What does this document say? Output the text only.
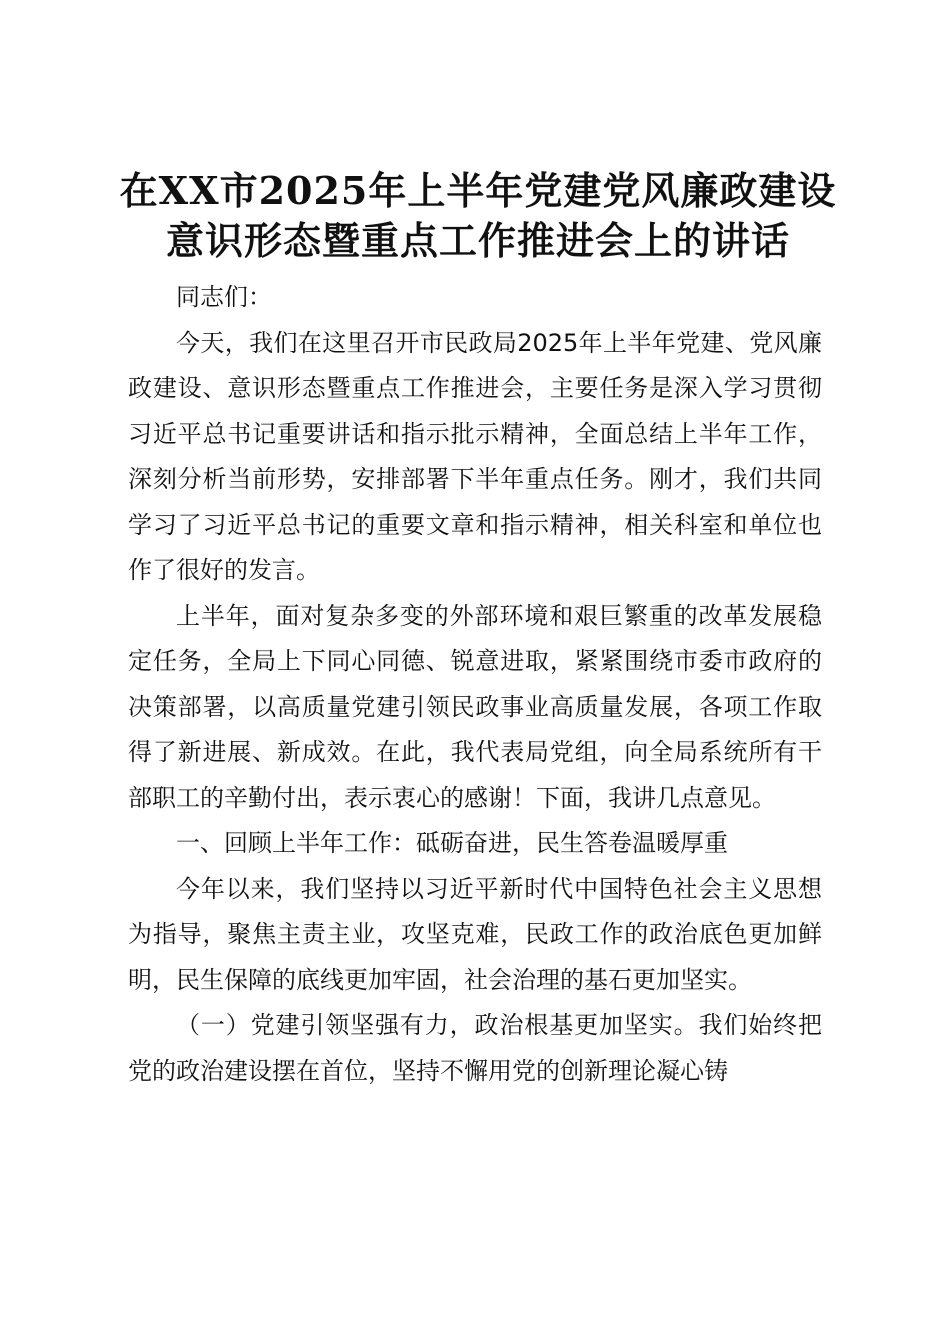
在XX市2025年上半年党建党风廉政建设意识形态暨重点工作推进会上的讲话

同志们：

今天，我们在这里召开市民政局2025年上半年党建、党风廉政建设、意识形态暨重点工作推进会，主要任务是深入学习贯彻习近平总书记重要讲话和指示批示精神，全面总结上半年工作，深刻分析当前形势，安排部署下半年重点任务。刚才，我们共同学习了习近平总书记的重要文章和指示精神，相关科室和单位也作了很好的发言。

上半年，面对复杂多变的外部环境和艰巨繁重的改革发展稳定任务，全局上下同心同德、锐意进取，紧紧围绕市委市政府的决策部署，以高质量党建引领民政事业高质量发展，各项工作取得了新进展、新成效。在此，我代表局党组，向全局系统所有干部职工的辛勤付出，表示衷心的感谢！下面，我讲几点意见。

一、回顾上半年工作：砥砺奋进，民生答卷温暖厚重

今年以来，我们坚持以习近平新时代中国特色社会主义思想为指导，聚焦主责主业，攻坚克难，民政工作的政治底色更加鲜明，民生保障的底线更加牢固，社会治理的基石更加坚实。

（一）党建引领坚强有力，政治根基更加坚实。我们始终把党的政治建设摆在首位，坚持不懈用党的创新理论凝心铸
